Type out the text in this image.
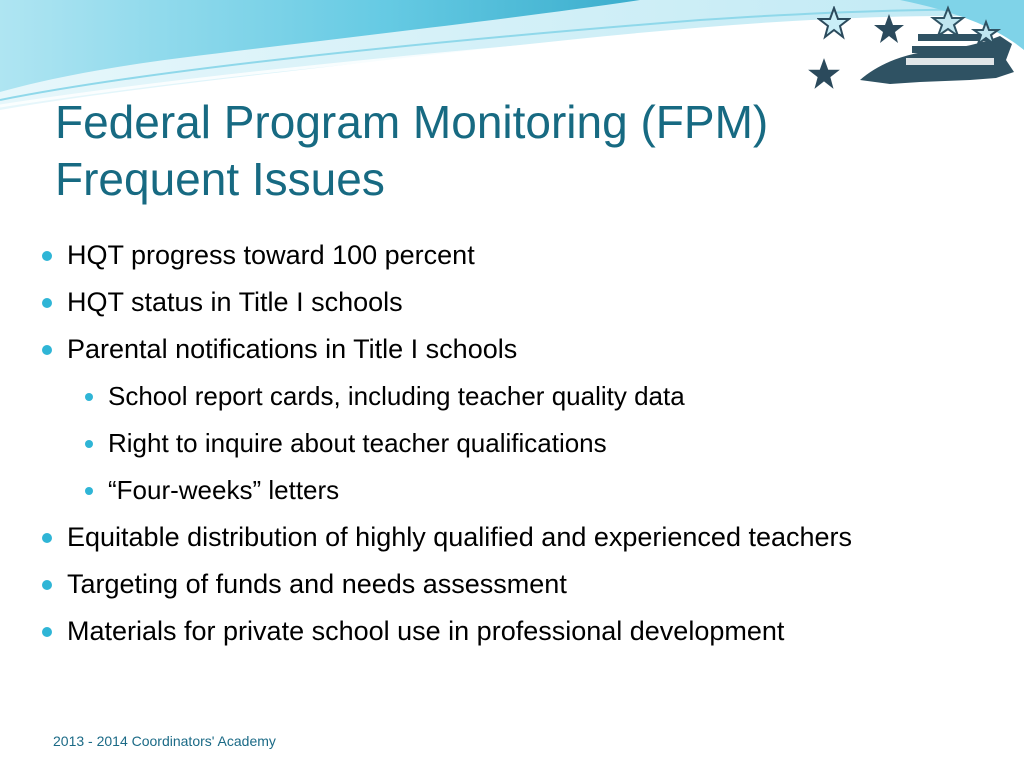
Federal Program Monitoring (FPM)
Frequent Issues
HQT progress toward 100 percent
HQT status in Title I schools
Parental notifications in Title I schools
School report cards, including teacher quality data
Right to inquire about teacher qualifications
“Four-weeks” letters
Equitable distribution of highly qualified and experienced teachers
Targeting of funds and needs assessment
Materials for private school use in professional development
2013 - 2014 Coordinators' Academy
